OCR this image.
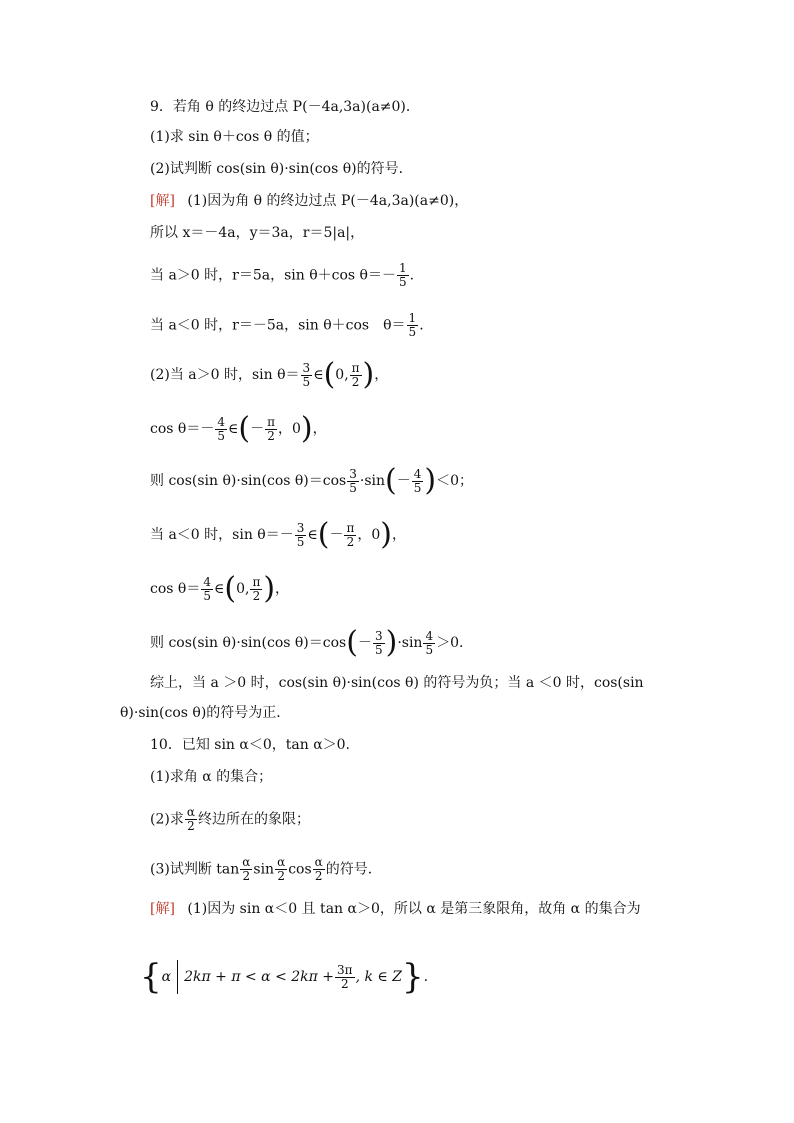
9．若角 θ 的终边过点 P(－4a,3a)(a≠0)．
(1)求 sin θ＋cos θ 的值；
(2)试判断 cos(sin θ)·sin(cos θ)的符号．
[解] (1)因为角 θ 的终边过点 P(－4a,3a)(a≠0)，
所以 x＝－4a，y＝3a，r＝5|a|，
当 a＞0 时，r＝5a，sin θ＋cos $\theta=- \frac{1}{5}$ .
当 a＜0 时，r＝－5a，sin θ＋cos　$\theta= \frac{1}{5}$ .
(2)当 a＞0 时，$\sin \theta= \frac{3}{5}$ ∈(0, $\frac{\pi}{2}$ )，
$\cos \theta=- \frac{4}{5}$ ∈(－ $\frac{\pi}{2}$ ，0)，
则 cos(sin θ)·sin(cos $\theta)=\cos \frac{3}{5} \cdot\sin(- \frac{4}{5} )<0$；
当 a＜0 时，$\sin \theta=- \frac{3}{5}$ ∈(－ $\frac{\pi}{2}$ ，0)，
$\cos \theta= \frac{4}{5}$ ∈(0, $\frac{\pi}{2}$ )，
则 cos(sin θ)·sin(cos $\theta)=\cos(- \frac{3}{5} )\cdot\sin \frac{4}{5} >0$.
综上，当 a ＞0 时，cos(sin θ)·sin(cos θ) 的符号为负；当 a ＜0 时，cos(sin
θ)·sin(cos θ)的符号为正．
10．已知 sin α＜0，tan α＞0.
(1)求角 α 的集合；
(2)求 $\frac{\alpha}{2}$ 终边所在的象限；
(3)试判断 $\tan \frac{\alpha}{2}$ $\sin \frac{\alpha}{2}$ $\cos \frac{\alpha}{2}$ 的符号．
[解] (1)因为 sin α＜0 且 tan α＞0，所以 α 是第三象限角，故角 α 的集合为
{α $2k\pi + \pi < \alpha < 2k\pi + \frac{3\pi}{2}$ , k ∈ Z}.
